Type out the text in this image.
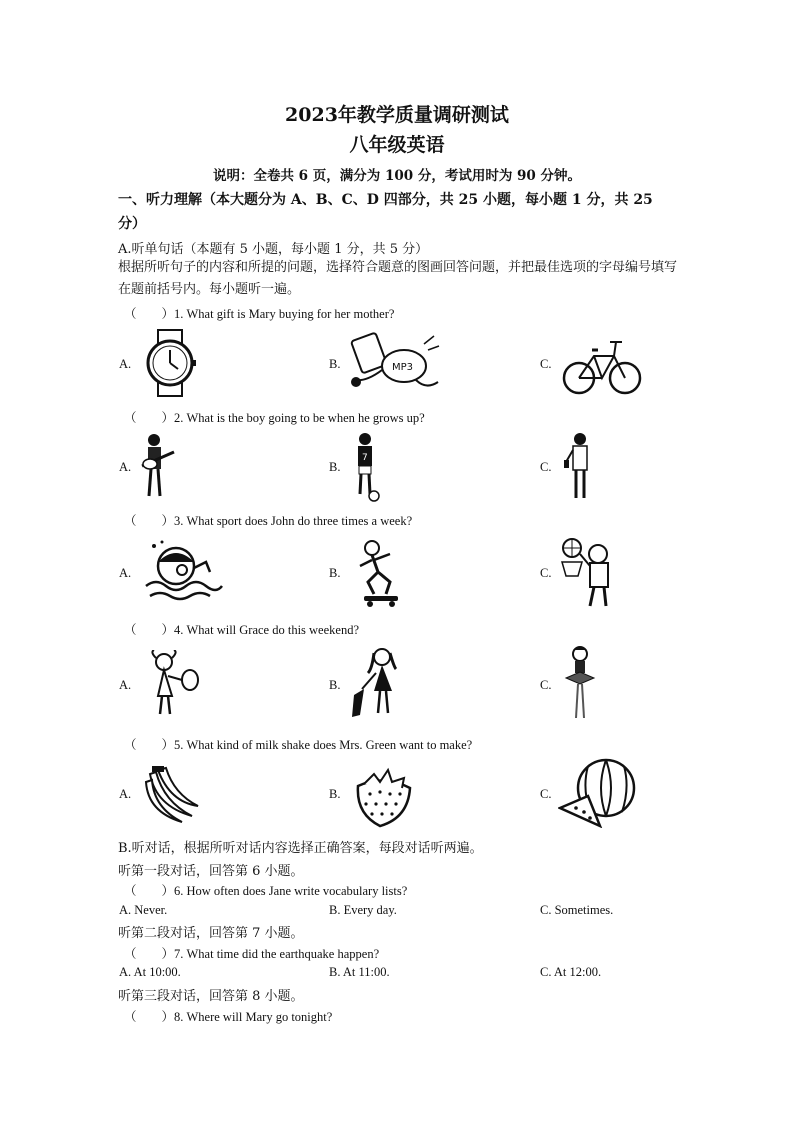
2023年教学质量调研测试
八年级英语
说明：全卷共 6 页，满分为 100 分，考试用时为 90 分钟。
一、听力理解（本大题分为 A、B、C、D 四部分，共 25 小题，每小题 1 分，共 25 分）
A.听单句话（本题有 5 小题，每小题 1 分，共 5 分）
根据所听句子的内容和所提的问题，选择符合题意的图画回答问题，并把最佳选项的字母编号填写在题前括号内。每小题听一遍。
（　　）1. What gift is Mary buying for her mother?
A.	B.	MP3	C.
（　　）2. What is the boy going to be when he grows up?
A.	B.
7
C.
（　　）3. What sport does John do three times a week?
A.	B.	C.
（　　）4. What will Grace do this weekend?
A.	B.	C.
（　　）5. What kind of milk shake does Mrs. Green want to make?
A.	B.	C.
B.听对话，根据所听对话内容选择正确答案，每段对话听两遍。
听第一段对话，回答第 6 小题。
（　　）6. How often does Jane write vocabulary lists?
A. Never.	B. Every day.	C. Sometimes.
听第二段对话，回答第 7 小题。
（　　）7. What time did the earthquake happen?
A. At 10:00.	B. At 11:00.	C. At 12:00.
听第三段对话，回答第 8 小题。
（　　）8. Where will Mary go tonight?
